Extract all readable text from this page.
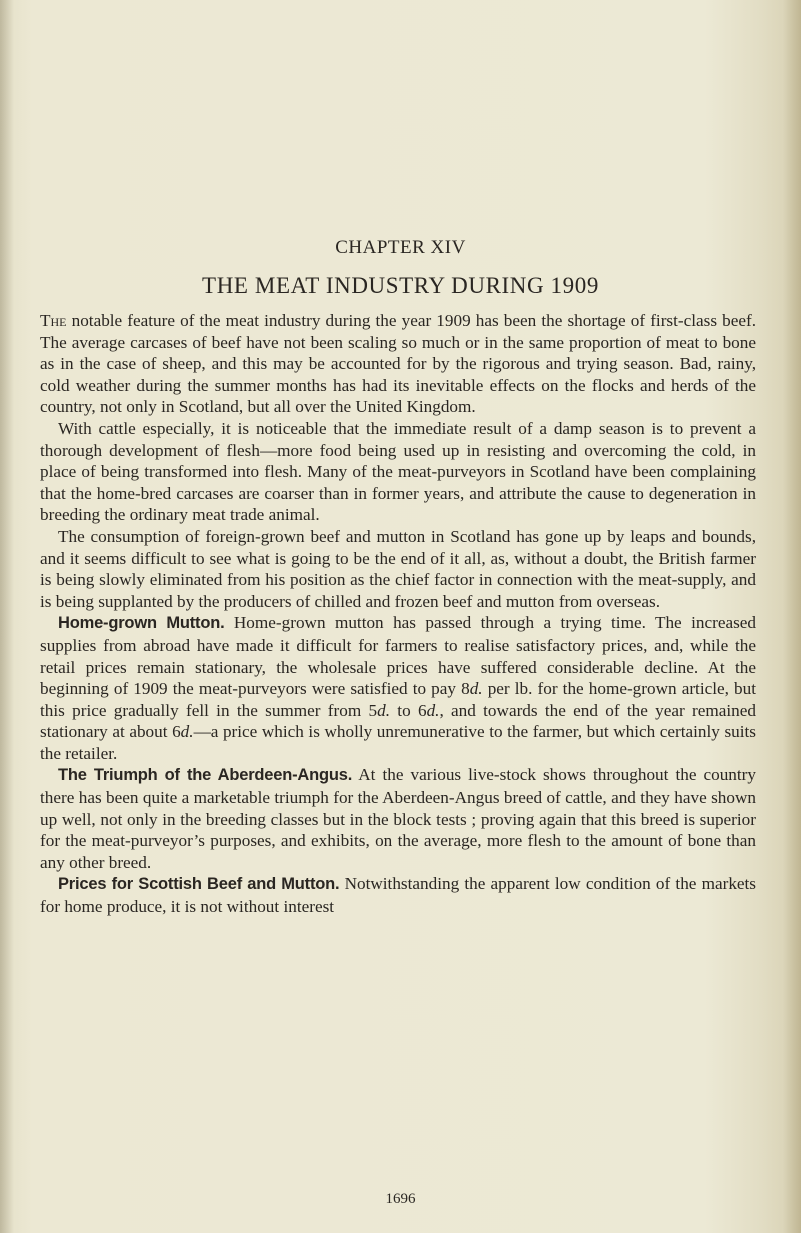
CHAPTER XIV
THE MEAT INDUSTRY DURING 1909

The notable feature of the meat industry during the year 1909 has been the shortage of first-class beef. The average carcases of beef have not been scaling so much or in the same proportion of meat to bone as in the case of sheep, and this may be accounted for by the rigorous and trying season. Bad, rainy, cold weather during the summer months has had its inevitable effects on the flocks and herds of the country, not only in Scotland, but all over the United Kingdom.

With cattle especially, it is noticeable that the immediate result of a damp season is to prevent a thorough development of flesh—more food being used up in resisting and overcoming the cold, in place of being transformed into flesh. Many of the meat-purveyors in Scotland have been complaining that the home-bred carcases are coarser than in former years, and attribute the cause to degeneration in breeding the ordinary meat trade animal.

The consumption of foreign-grown beef and mutton in Scotland has gone up by leaps and bounds, and it seems difficult to see what is going to be the end of it all, as, without a doubt, the British farmer is being slowly eliminated from his position as the chief factor in connection with the meat-supply, and is being supplanted by the producers of chilled and frozen beef and mutton from overseas.

Home-grown Mutton. Home-grown mutton has passed through a trying time. The increased supplies from abroad have made it difficult for farmers to realise satisfactory prices, and, while the retail prices remain stationary, the wholesale prices have suffered considerable decline. At the beginning of 1909 the meat-purveyors were satisfied to pay 8d. per lb. for the home-grown article, but this price gradually fell in the summer from 5d. to 6d., and towards the end of the year remained stationary at about 6d.—a price which is wholly unremunerative to the farmer, but which certainly suits the retailer.

The Triumph of the Aberdeen-Angus. At the various live-stock shows throughout the country there has been quite a marketable triumph for the Aberdeen-Angus breed of cattle, and they have shown up well, not only in the breeding classes but in the block tests ; proving again that this breed is superior for the meat-purveyor’s purposes, and exhibits, on the average, more flesh to the amount of bone than any other breed.

Prices for Scottish Beef and Mutton. Notwithstanding the apparent low condition of the markets for home produce, it is not without interest

1696
